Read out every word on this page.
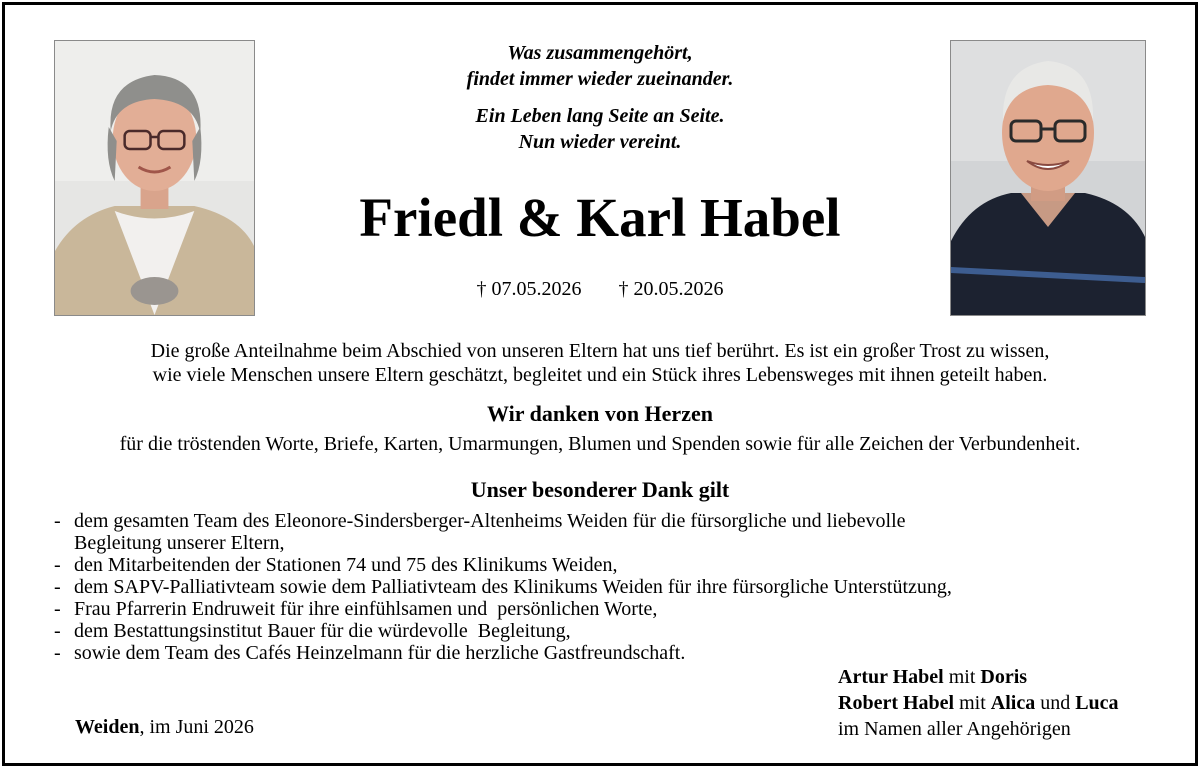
Was zusammengehört,
findet immer wieder zueinander.
Ein Leben lang Seite an Seite.
Nun wieder vereint.
Friedl & Karl Habel
† 07.05.2026 † 20.05.2026
Die große Anteilnahme beim Abschied von unseren Eltern hat uns tief berührt. Es ist ein großer Trost zu wissen,
wie viele Menschen unsere Eltern geschätzt, begleitet und ein Stück ihres Lebensweges mit ihnen geteilt haben.
Wir danken von Herzen
für die tröstenden Worte, Briefe, Karten, Umarmungen, Blumen und Spenden sowie für alle Zeichen der Verbundenheit.
Unser besonderer Dank gilt
- dem gesamten Team des Eleonore-Sindersberger-Altenheims Weiden für die fürsorgliche und liebevolle
Begleitung unserer Eltern,
- den Mitarbeitenden der Stationen 74 und 75 des Klinikums Weiden,
- dem SAPV-Palliativteam sowie dem Palliativteam des Klinikums Weiden für ihre fürsorgliche Unterstützung,
- Frau Pfarrerin Endruweit für ihre einfühlsamen und  persönlichen Worte,
- dem Bestattungsinstitut Bauer für die würdevolle  Begleitung,
- sowie dem Team des Cafés Heinzelmann für die herzliche Gastfreundschaft.
Weiden, im Juni 2026
Artur Habel mit Doris
Robert Habel mit Alica und Luca
im Namen aller Angehörigen
